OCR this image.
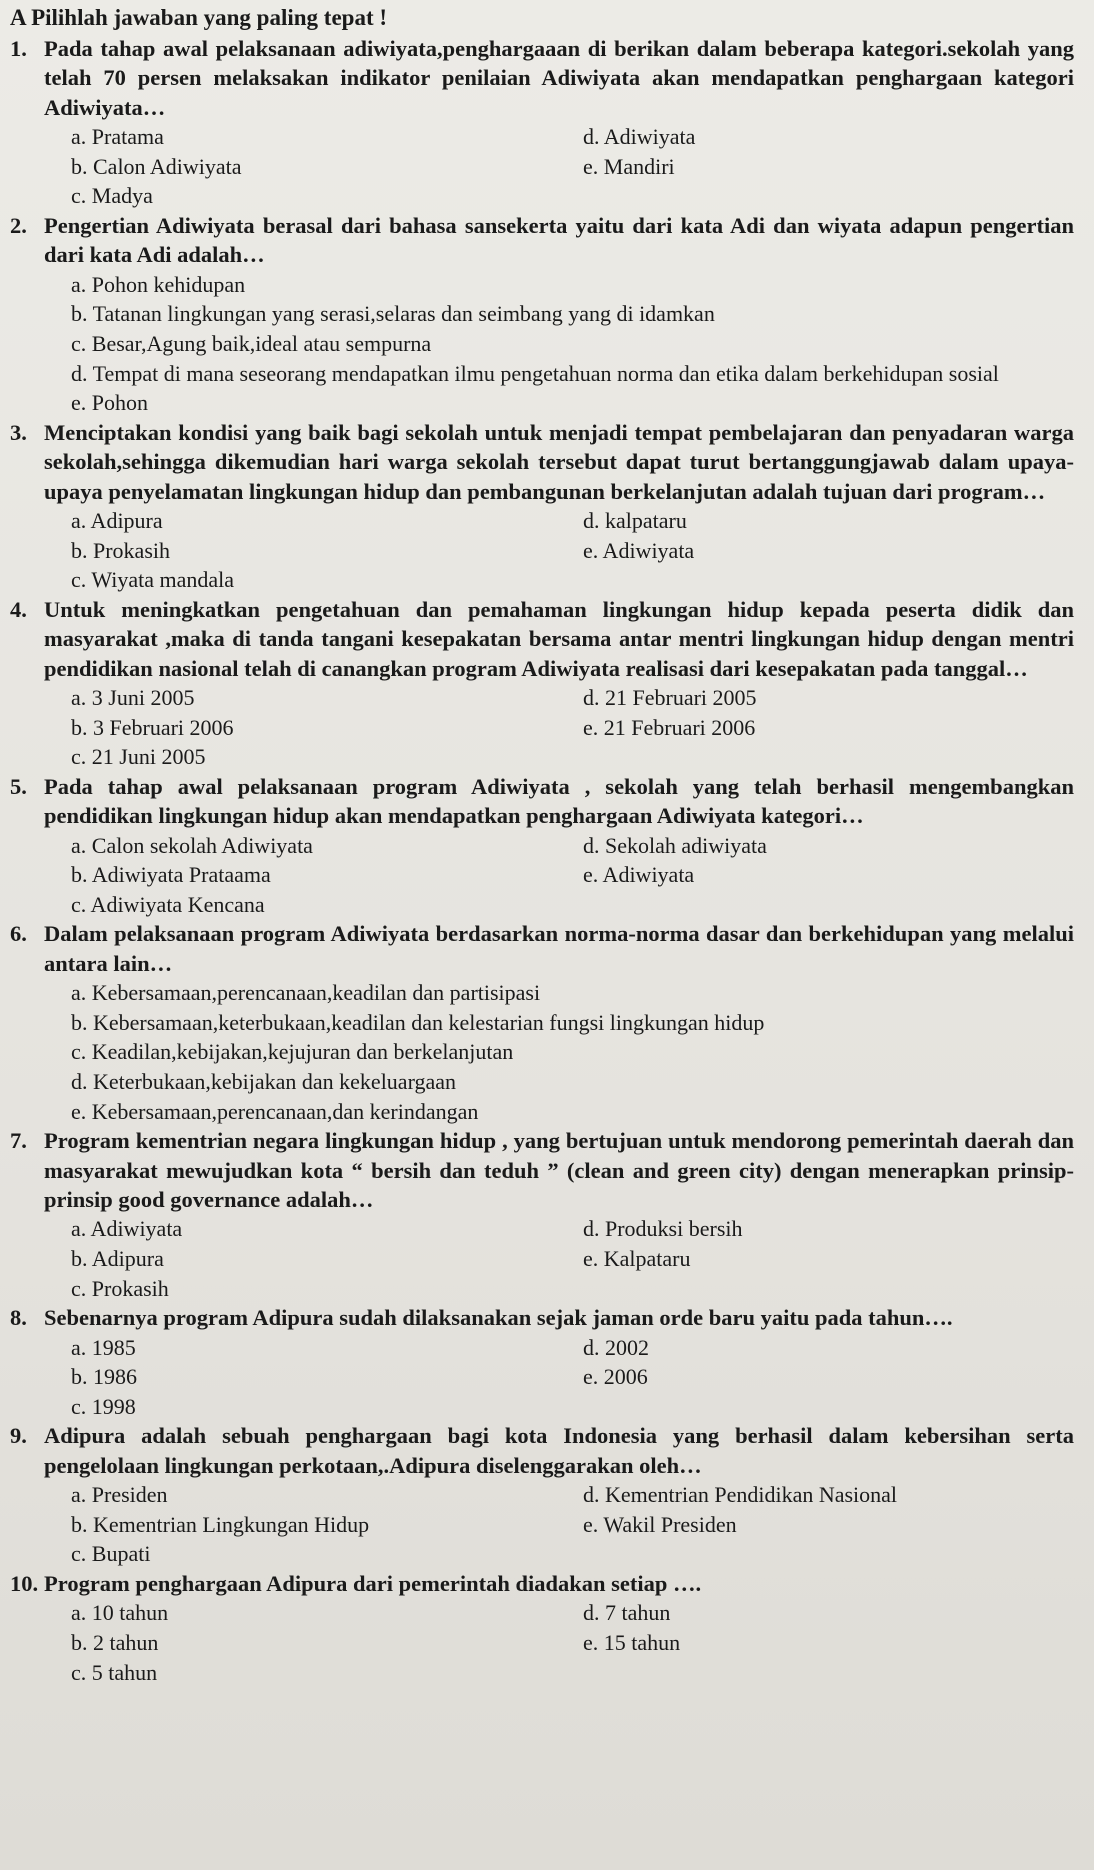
A Pilihlah jawaban yang paling tepat !
1. Pada tahap awal pelaksanaan adiwiyata,penghargaaan di berikan dalam beberapa kategori.sekolah yang telah 70 persen melaksakan indikator penilaian Adiwiyata akan mendapatkan penghargaan kategori Adiwiyata…
a. Pratama	d. Adiwiyata
b. Calon Adiwiyata	e. Mandiri
c. Madya
2. Pengertian Adiwiyata berasal dari bahasa sansekerta yaitu dari kata Adi dan wiyata adapun pengertian dari kata Adi adalah…
a. Pohon kehidupan
b. Tatanan lingkungan yang serasi,selaras dan seimbang yang di idamkan
c. Besar,Agung baik,ideal atau sempurna
d. Tempat di mana seseorang mendapatkan ilmu pengetahuan norma dan etika dalam berkehidupan sosial
e. Pohon
3. Menciptakan kondisi yang baik bagi sekolah untuk menjadi tempat pembelajaran dan penyadaran warga sekolah,sehingga dikemudian hari warga sekolah tersebut dapat turut bertanggungjawab dalam upaya-upaya penyelamatan lingkungan hidup dan pembangunan berkelanjutan adalah tujuan dari program…
a. Adipura	d. kalpataru
b. Prokasih	e. Adiwiyata
c. Wiyata mandala
4. Untuk meningkatkan pengetahuan dan pemahaman lingkungan hidup kepada peserta didik dan masyarakat ,maka di tanda tangani kesepakatan bersama antar mentri lingkungan hidup dengan mentri pendidikan nasional telah di canangkan program Adiwiyata realisasi dari kesepakatan pada tanggal…
a. 3 Juni 2005	d. 21 Februari 2005
b. 3 Februari 2006	e. 21 Februari 2006
c. 21 Juni 2005
5. Pada tahap awal pelaksanaan program Adiwiyata , sekolah yang telah berhasil mengembangkan pendidikan lingkungan hidup akan mendapatkan penghargaan Adiwiyata kategori…
a. Calon sekolah Adiwiyata	d. Sekolah adiwiyata
b. Adiwiyata Prataama	e. Adiwiyata
c. Adiwiyata Kencana
6. Dalam pelaksanaan program Adiwiyata berdasarkan norma-norma dasar dan berkehidupan yang melalui antara lain…
a. Kebersamaan,perencanaan,keadilan dan partisipasi
b. Kebersamaan,keterbukaan,keadilan dan kelestarian fungsi lingkungan hidup
c. Keadilan,kebijakan,kejujuran dan berkelanjutan
d. Keterbukaan,kebijakan dan kekeluargaan
e. Kebersamaan,perencanaan,dan kerindangan
7. Program kementrian negara lingkungan hidup , yang bertujuan untuk mendorong pemerintah daerah dan masyarakat mewujudkan kota “ bersih dan teduh ” (clean and green city) dengan menerapkan prinsip-prinsip good governance adalah…
a. Adiwiyata	d. Produksi bersih
b. Adipura	e. Kalpataru
c. Prokasih
8. Sebenarnya program Adipura sudah dilaksanakan sejak jaman orde baru yaitu pada tahun….
a. 1985	d. 2002
b. 1986	e. 2006
c. 1998
9. Adipura adalah sebuah penghargaan bagi kota Indonesia yang berhasil dalam kebersihan serta pengelolaan lingkungan perkotaan,.Adipura diselenggarakan oleh…
a. Presiden	d. Kementrian Pendidikan Nasional
b. Kementrian Lingkungan Hidup	e. Wakil Presiden
c. Bupati
10. Program penghargaan Adipura dari pemerintah diadakan setiap ….
a. 10 tahun	d. 7 tahun
b. 2 tahun	e. 15 tahun
c. 5 tahun
